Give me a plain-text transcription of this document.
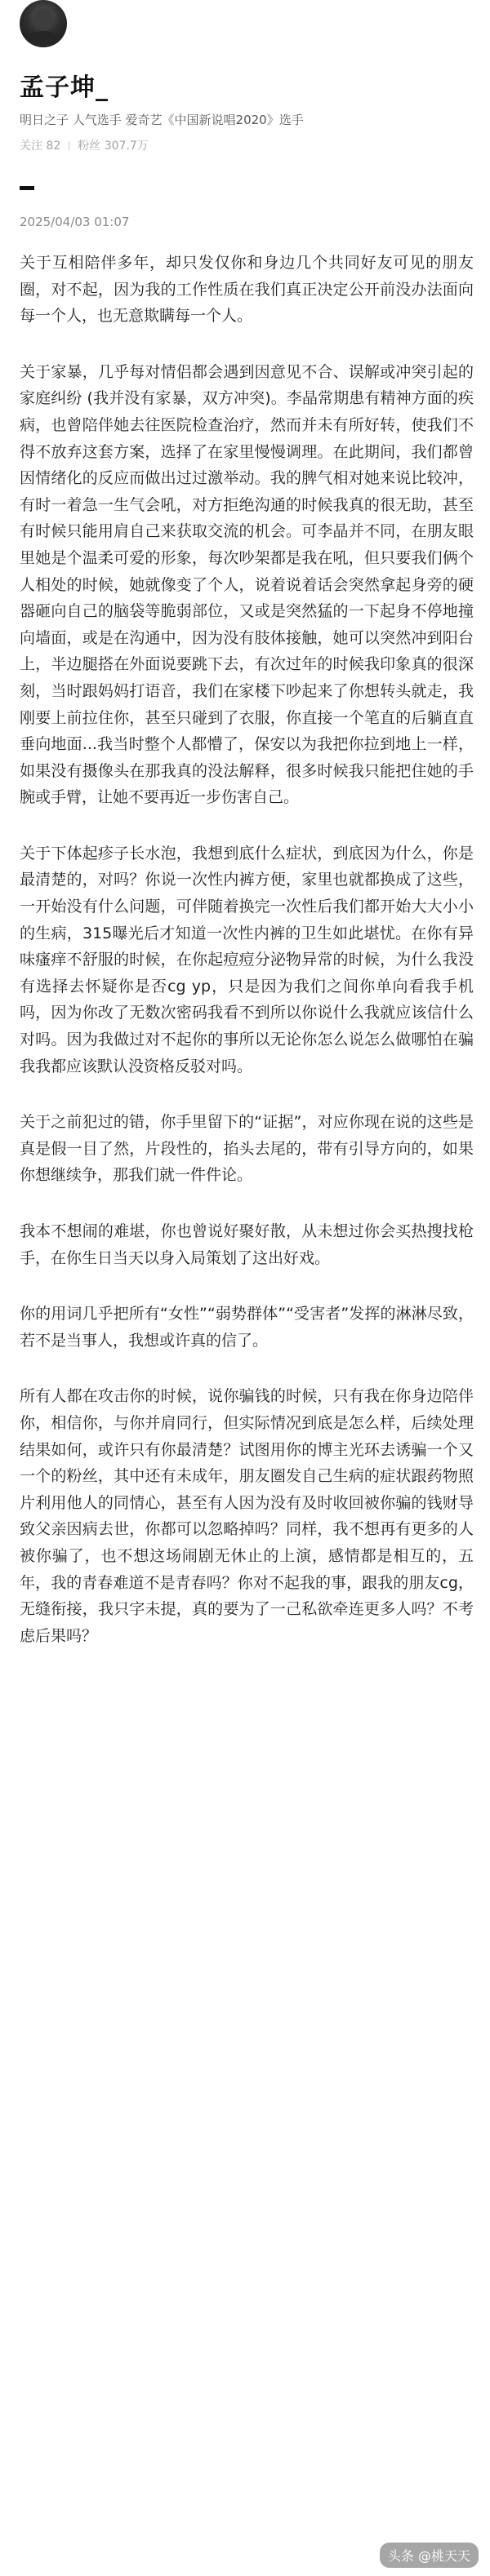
孟子坤_
明日之子 人气选手 爱奇艺《中国新说唱2020》选手
关注 82 粉丝 307.7万
2025/04/03 01:07

关于互相陪伴多年，却只发仅你和身边几个共同好友可见的朋友圈，对不起，因为我的工作性质在我们真正决定公开前没办法面向每一个人，也无意欺瞒每一个人。

关于家暴，几乎每对情侣都会遇到因意见不合、误解或冲突引起的家庭纠纷 (我并没有家暴，双方冲突)。李晶常期患有精神方面的疾病，也曾陪伴她去往医院检查治疗，然而并未有所好转，使我们不得不放弃这套方案，选择了在家里慢慢调理。在此期间，我们都曾因情绪化的反应而做出过过激举动。我的脾气相对她来说比较冲，有时一着急一生气会吼，对方拒绝沟通的时候我真的很无助，甚至有时候只能用肩自己来获取交流的机会。可李晶并不同，在朋友眼里她是个温柔可爱的形象，每次吵架都是我在吼，但只要我们俩个人相处的时候，她就像变了个人，说着说着话会突然拿起身旁的硬器砸向自己的脑袋等脆弱部位，又或是突然猛的一下起身不停地撞向墙面，或是在沟通中，因为没有肢体接触，她可以突然冲到阳台上，半边腿搭在外面说要跳下去，有次过年的时候我印象真的很深刻，当时跟妈妈打语音，我们在家楼下吵起来了你想转头就走，我刚要上前拉住你，甚至只碰到了衣服，你直接一个笔直的后躺直直垂向地面...我当时整个人都懵了，保安以为我把你拉到地上一样，如果没有摄像头在那我真的没法解释，很多时候我只能把住她的手腕或手臂，让她不要再近一步伤害自己。

关于下体起疹子长水泡，我想到底什么症状，到底因为什么，你是最清楚的，对吗？你说一次性内裤方便，家里也就都换成了这些，一开始没有什么问题，可伴随着换完一次性后我们都开始大大小小的生病，315曝光后才知道一次性内裤的卫生如此堪忧。在你有异味瘙痒不舒服的时候，在你起痘痘分泌物异常的时候，为什么我没有选择去怀疑你是否cg yp，只是因为我们之间你单向看我手机吗，因为你改了无数次密码我看不到所以你说什么我就应该信什么对吗。因为我做过对不起你的事所以无论你怎么说怎么做哪怕在骗我我都应该默认没资格反驳对吗。

关于之前犯过的错，你手里留下的“证据”，对应你现在说的这些是真是假一目了然，片段性的，掐头去尾的，带有引导方向的，如果你想继续争，那我们就一件件论。

我本不想闹的难堪，你也曾说好聚好散，从未想过你会买热搜找枪手，在你生日当天以身入局策划了这出好戏。

你的用词几乎把所有“女性”“弱势群体”“受害者”发挥的淋淋尽致，若不是当事人，我想或许真的信了。

所有人都在攻击你的时候，说你骗钱的时候，只有我在你身边陪伴你，相信你，与你并肩同行，但实际情况到底是怎么样，后续处理结果如何，或许只有你最清楚？试图用你的博主光环去诱骗一个又一个的粉丝，其中还有未成年，朋友圈发自己生病的症状跟药物照片利用他人的同情心，甚至有人因为没有及时收回被你骗的钱财导致父亲因病去世，你都可以忽略掉吗？同样，我不想再有更多的人被你骗了，也不想这场闹剧无休止的上演，感情都是相互的，五年，我的青春难道不是青春吗？你对不起我的事，跟我的朋友cg，无缝衔接，我只字未提，真的要为了一己私欲牵连更多人吗？不考虑后果吗？

头条 @桃天天
